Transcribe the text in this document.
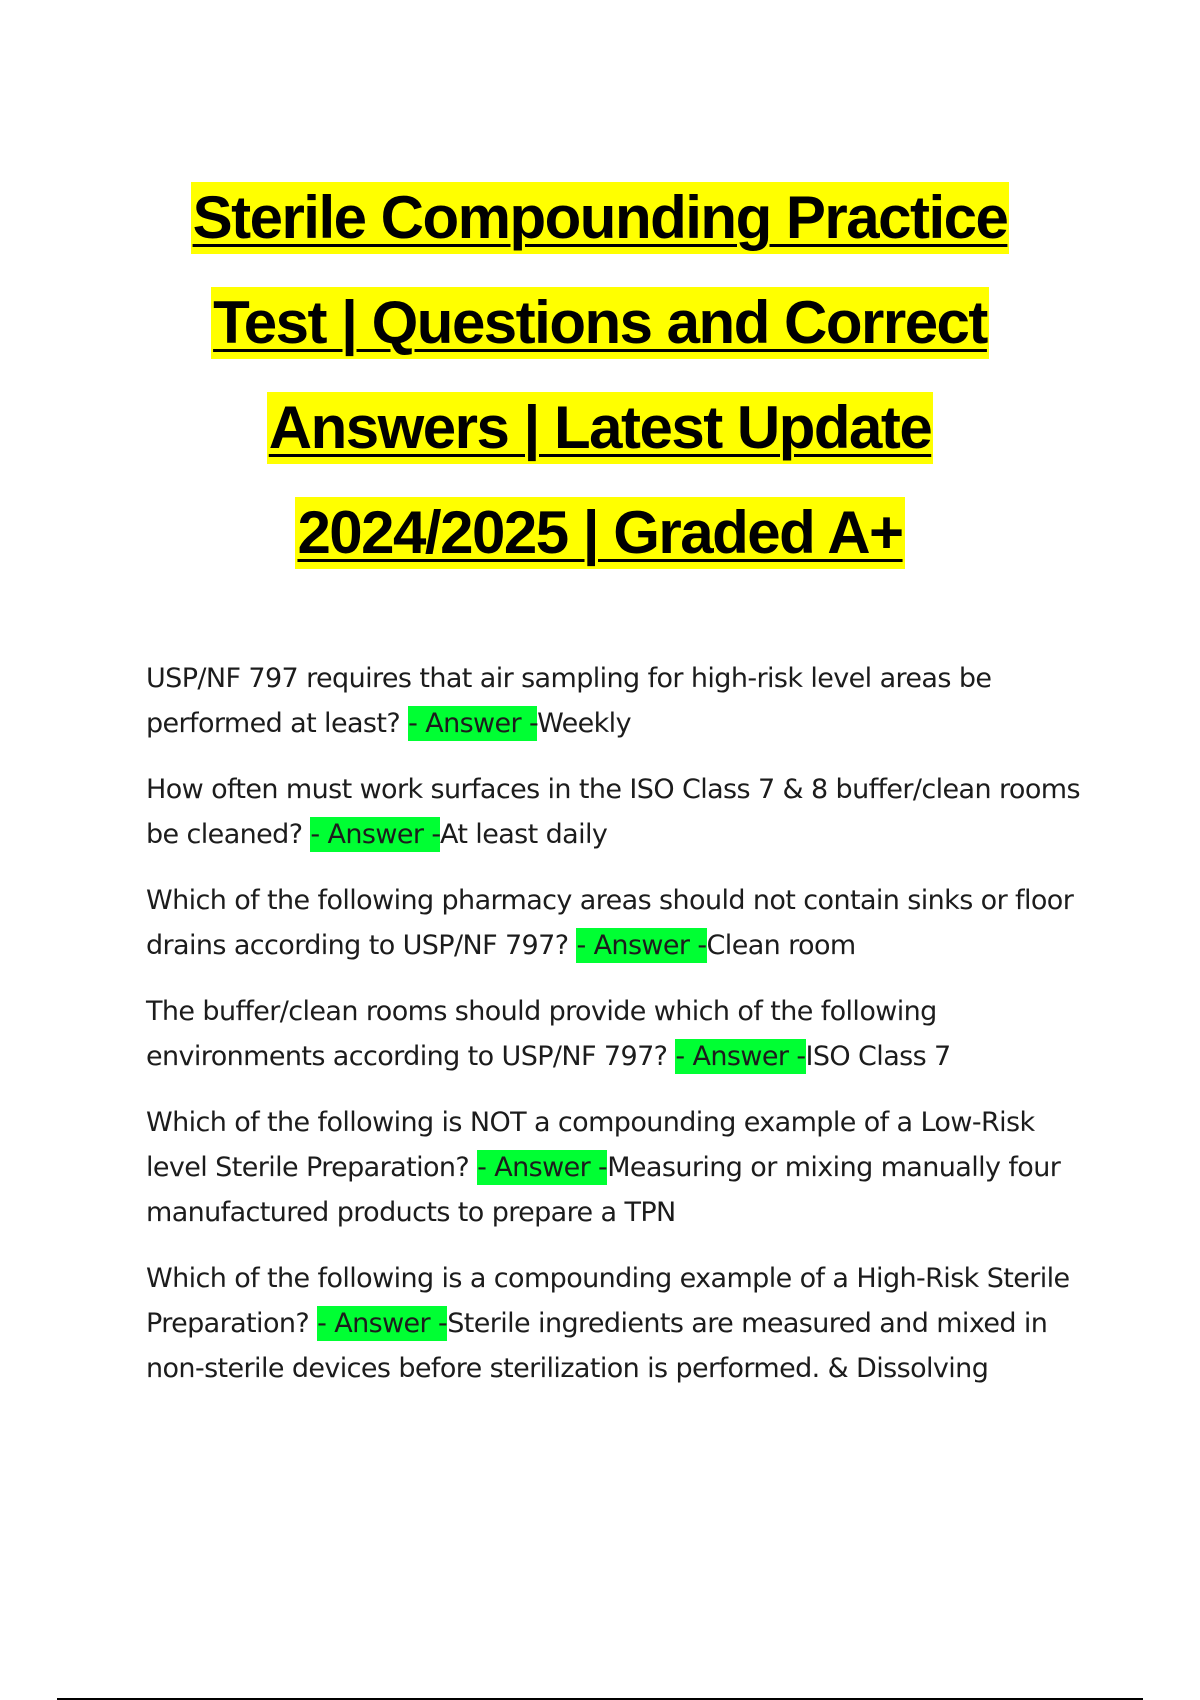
Sterile Compounding Practice
Test | Questions and Correct
Answers | Latest Update
2024/2025 | Graded A+

USP/NF 797 requires that air sampling for high-risk level areas be performed at least? - Answer -Weekly

How often must work surfaces in the ISO Class 7 & 8 buffer/clean rooms be cleaned? - Answer -At least daily

Which of the following pharmacy areas should not contain sinks or floor drains according to USP/NF 797? - Answer -Clean room

The buffer/clean rooms should provide which of the following environments according to USP/NF 797? - Answer -ISO Class 7

Which of the following is NOT a compounding example of a Low-Risk level Sterile Preparation? - Answer -Measuring or mixing manually four manufactured products to prepare a TPN

Which of the following is a compounding example of a High-Risk Sterile Preparation? - Answer -Sterile ingredients are measured and mixed in non-sterile devices before sterilization is performed. & Dissolving
